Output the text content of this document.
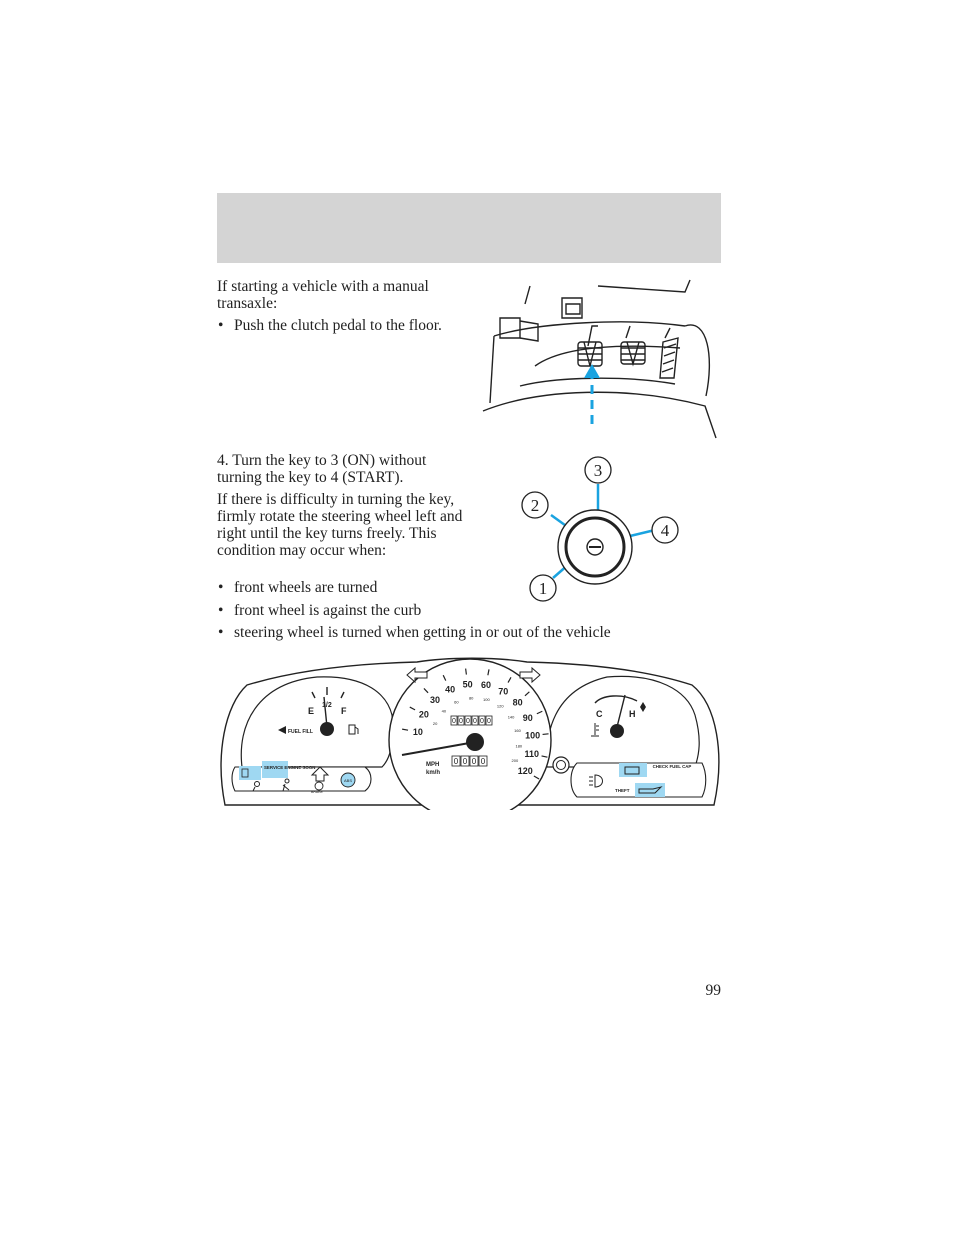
If starting a vehicle with a manual transaxle:
• Push the clutch pedal to the floor.
4. Turn the key to 3 (ON) without turning the key to 4 (START).
If there is difficulty in turning the key, firmly rotate the steering wheel left and right until the key turns freely. This condition may occur when:
• front wheels are turned
• front wheel is against the curb
• steering wheel is turned when getting in or out of the vehicle
3
2
4
1
E
1/2
F
FUEL FILL
C	H
10
20
30
40
50 60
70
80
90
100
110
120
20
40
60
80 100
120
140
160
180
200
0 0 0 0 0 0
0 0 0 0
MPH
km/h
SERVICE ENGINE SOON
BRAKE
ABS
CHECK FUEL CAP
THEFT
99
